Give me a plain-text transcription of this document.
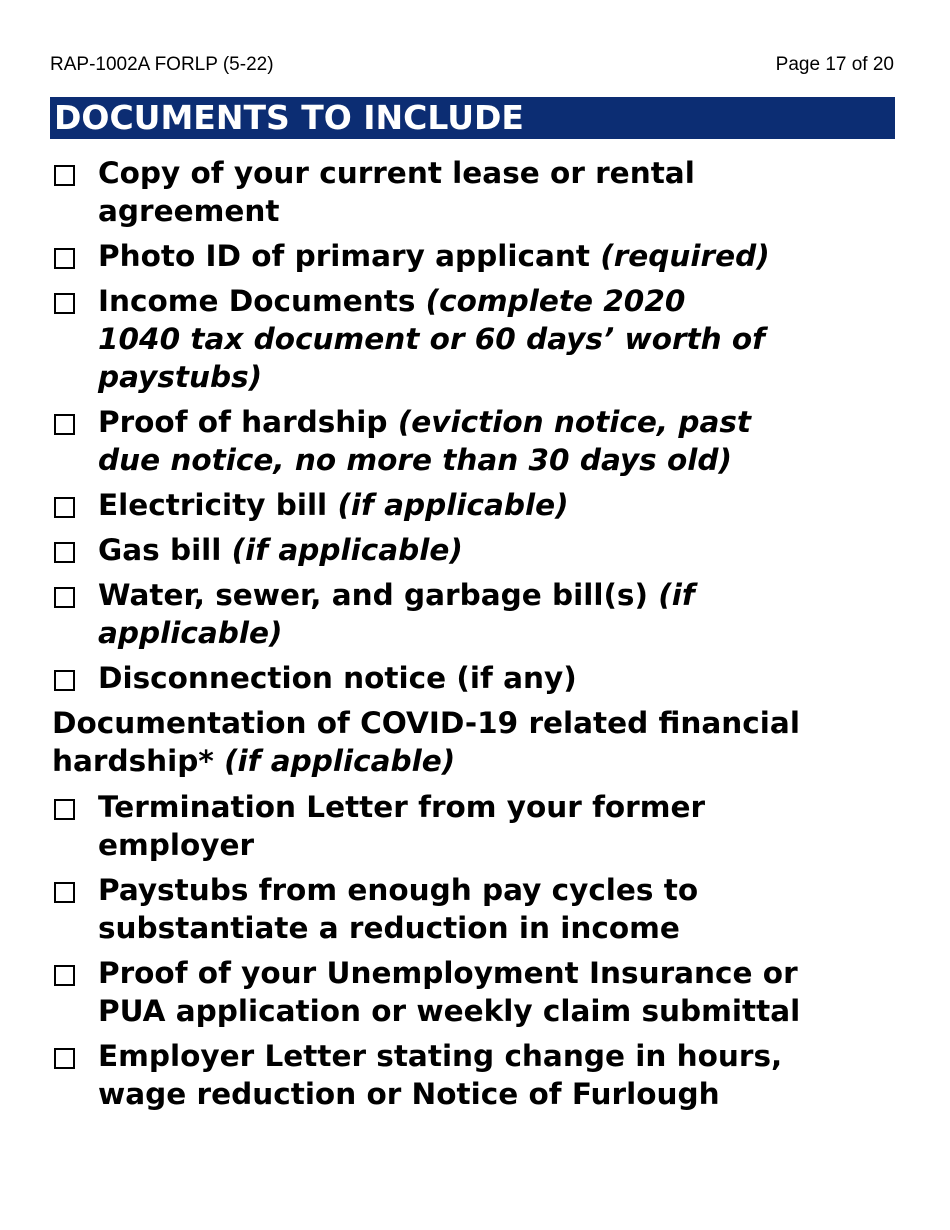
RAP-1002A FORLP (5-22)	Page 17 of 20
DOCUMENTS TO INCLUDE
Copy of your current lease or rental
agreement
Photo ID of primary applicant (required)
Income Documents (complete 2020
1040 tax document or 60 days’ worth of
paystubs)
Proof of hardship (eviction notice, past
due notice, no more than 30 days old)
Electricity bill (if applicable)
Gas bill (if applicable)
Water, sewer, and garbage bill(s) (if
applicable)
Disconnection notice (if any)
Documentation of COVID-19 related financial
hardship* (if applicable)
Termination Letter from your former
employer
Paystubs from enough pay cycles to
substantiate a reduction in income
Proof of your Unemployment Insurance or
PUA application or weekly claim submittal
Employer Letter stating change in hours,
wage reduction or Notice of Furlough
